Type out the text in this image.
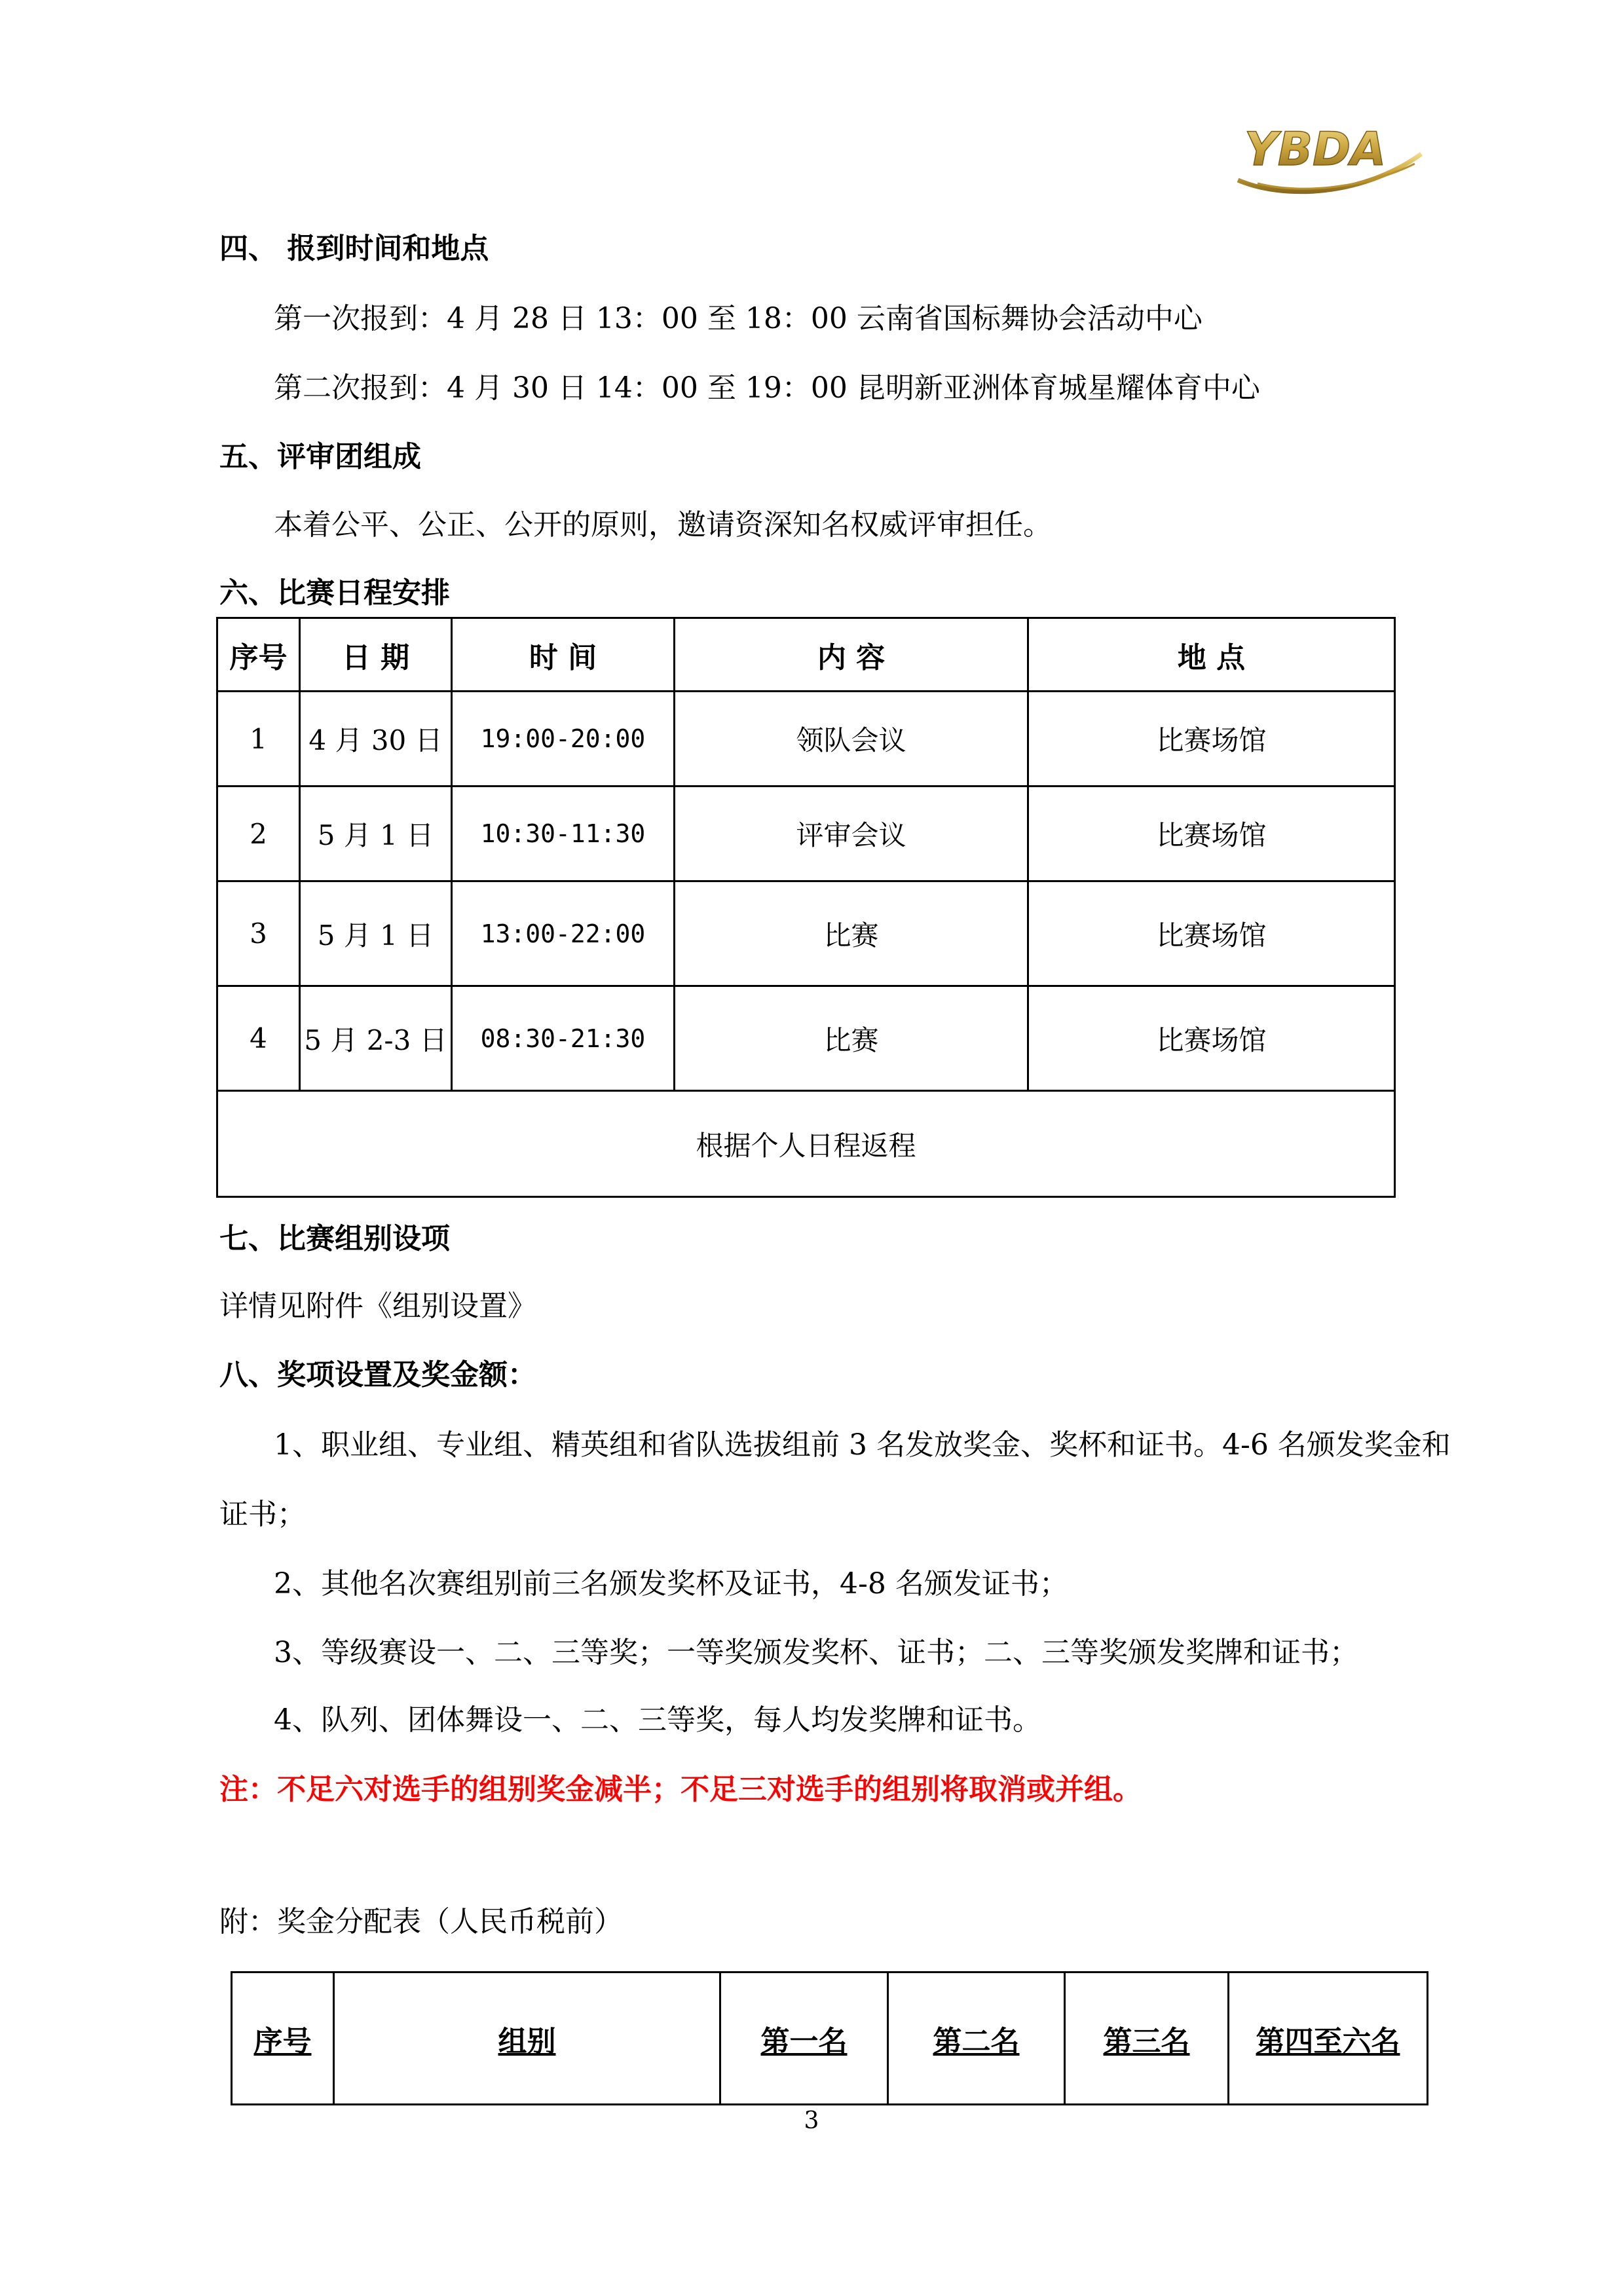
YBDA
四、 报到时间和地点
第一次报到：4 月 28 日 13：00 至 18：00 云南省国标舞协会活动中心
第二次报到：4 月 30 日 14：00 至 19：00 昆明新亚洲体育城星耀体育中心
五、评审团组成
本着公平、公正、公开的原则，邀请资深知名权威评审担任。
六、比赛日程安排
序号	日 期	时 间	内 容	地 点
1	4 月 30 日	19:00-20:00	领队会议	比赛场馆
2	5 月 1 日	10:30-11:30	评审会议	比赛场馆
3	5 月 1 日	13:00-22:00	比赛	比赛场馆
4	5 月 2-3 日	08:30-21:30	比赛	比赛场馆
根据个人日程返程				
七、比赛组别设项
详情见附件《组别设置》
八、奖项设置及奖金额：
1、职业组、专业组、精英组和省队选拔组前 3 名发放奖金、奖杯和证书。4-6 名颁发奖金和
证书；
2、其他名次赛组别前三名颁发奖杯及证书，4-8 名颁发证书；
3、等级赛设一、二、三等奖；一等奖颁发奖杯、证书；二、三等奖颁发奖牌和证书；
4、队列、团体舞设一、二、三等奖，每人均发奖牌和证书。
注：不足六对选手的组别奖金减半；不足三对选手的组别将取消或并组。
附：奖金分配表（人民币税前）
序号	组别	第一名	第二名	第三名	第四至六名
3
